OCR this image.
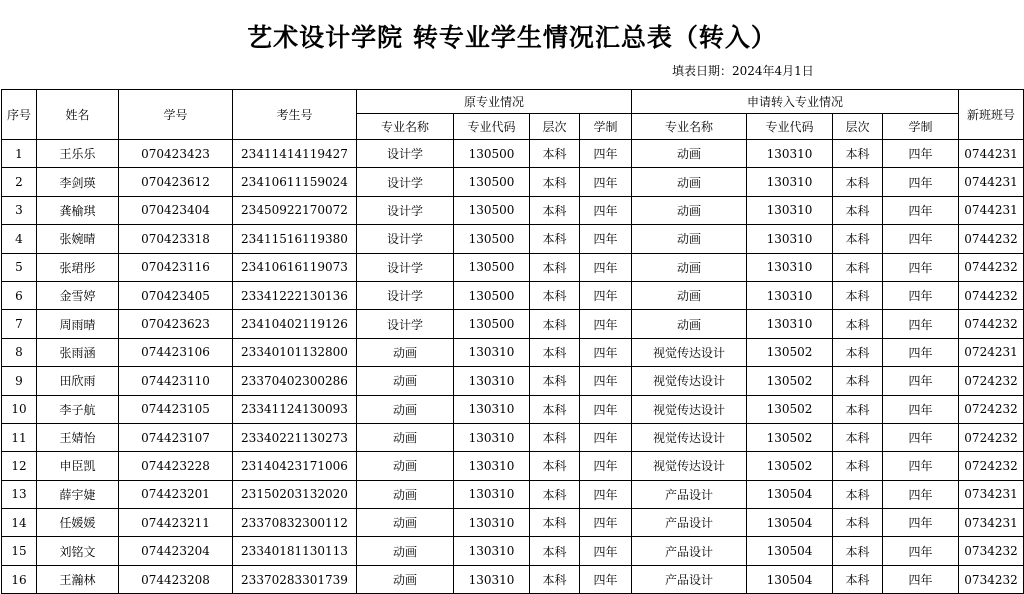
艺术设计学院 转专业学生情况汇总表（转入）
填表日期：2024年4月1日
序号	姓名	学号	考生号	原专业情况				申请转入专业情况				新班班号
				专业名称	专业代码	层次	学制	专业名称	专业代码	层次	学制	
1	王乐乐	070423423	23411414119427	设计学	130500	本科	四年	动画	130310	本科	四年	0744231
2	李剑瑛	070423612	23410611159024	设计学	130500	本科	四年	动画	130310	本科	四年	0744231
3	龚榆琪	070423404	23450922170072	设计学	130500	本科	四年	动画	130310	本科	四年	0744231
4	张婉晴	070423318	23411516119380	设计学	130500	本科	四年	动画	130310	本科	四年	0744232
5	张珺彤	070423116	23410616119073	设计学	130500	本科	四年	动画	130310	本科	四年	0744232
6	金雪婷	070423405	23341222130136	设计学	130500	本科	四年	动画	130310	本科	四年	0744232
7	周雨晴	070423623	23410402119126	设计学	130500	本科	四年	动画	130310	本科	四年	0744232
8	张雨涵	074423106	23340101132800	动画	130310	本科	四年	视觉传达设计	130502	本科	四年	0724231
9	田欣雨	074423110	23370402300286	动画	130310	本科	四年	视觉传达设计	130502	本科	四年	0724232
10	李子航	074423105	23341124130093	动画	130310	本科	四年	视觉传达设计	130502	本科	四年	0724232
11	王婧怡	074423107	23340221130273	动画	130310	本科	四年	视觉传达设计	130502	本科	四年	0724232
12	申臣凯	074423228	23140423171006	动画	130310	本科	四年	视觉传达设计	130502	本科	四年	0724232
13	薛宇婕	074423201	23150203132020	动画	130310	本科	四年	产品设计	130504	本科	四年	0734231
14	任媛媛	074423211	23370832300112	动画	130310	本科	四年	产品设计	130504	本科	四年	0734231
15	刘铭文	074423204	23340181130113	动画	130310	本科	四年	产品设计	130504	本科	四年	0734232
16	王瀚林	074423208	23370283301739	动画	130310	本科	四年	产品设计	130504	本科	四年	0734232
